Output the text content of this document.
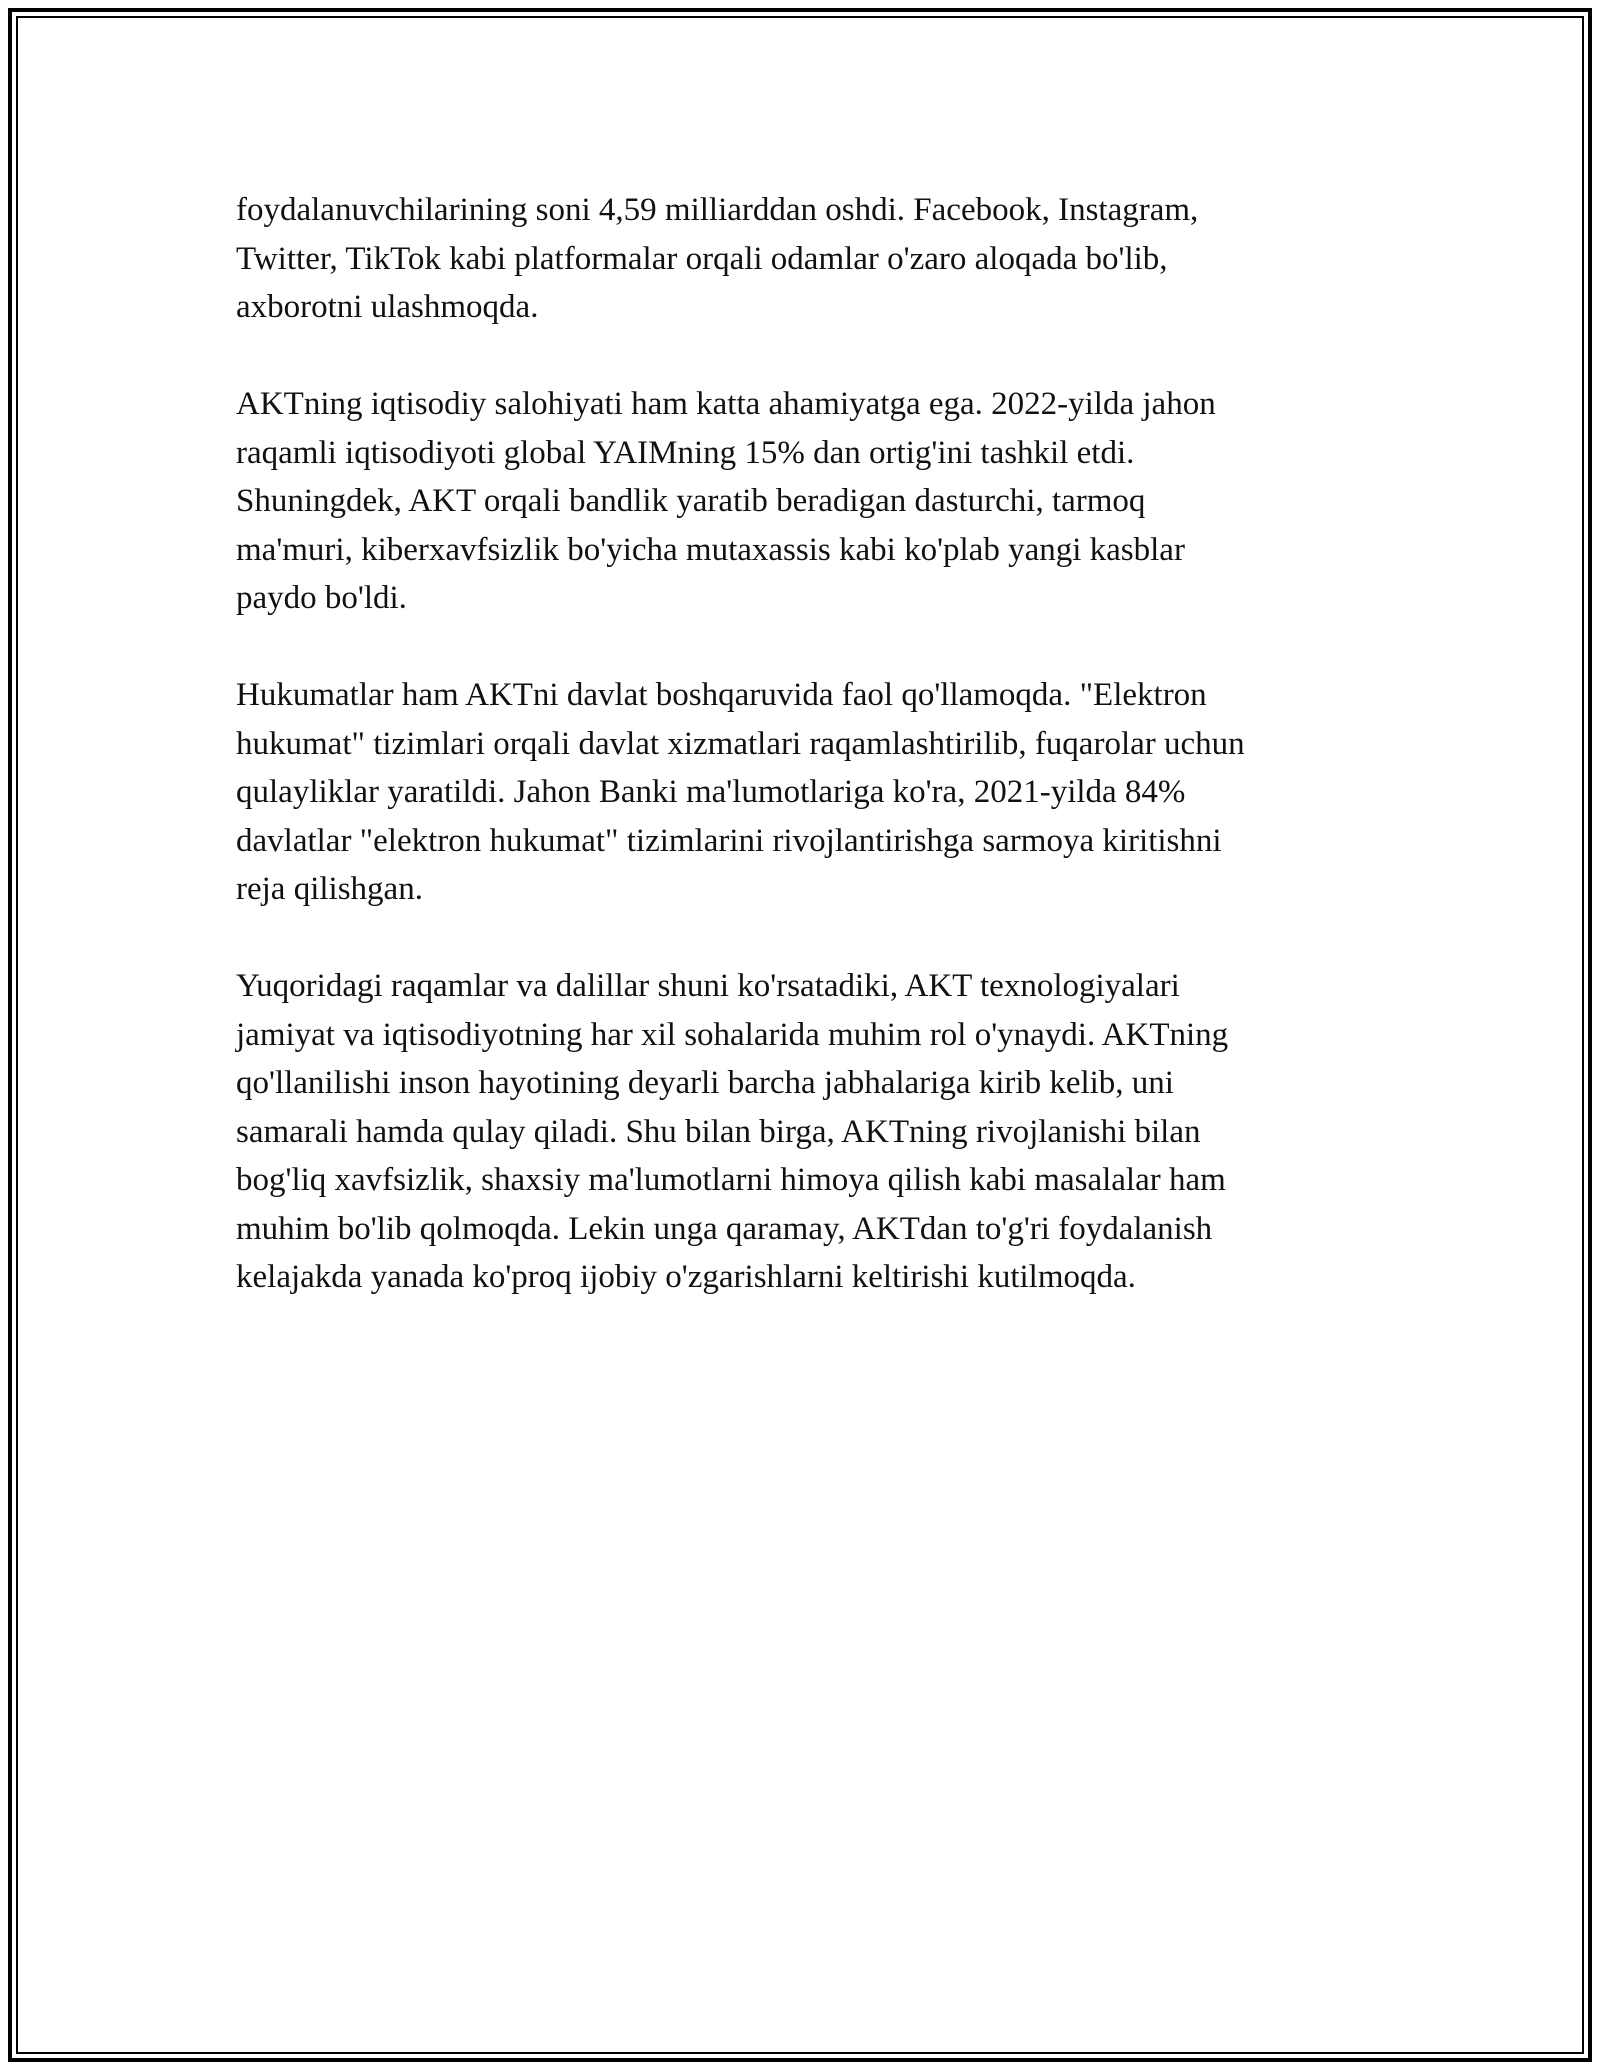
foydalanuvchilarining soni 4,59 milliarddan oshdi. Facebook, Instagram,
Twitter, TikTok kabi platformalar orqali odamlar o'zaro aloqada bo'lib,
axborotni ulashmoqda.

AKTning iqtisodiy salohiyati ham katta ahamiyatga ega. 2022-yilda jahon
raqamli iqtisodiyoti global YAIMning 15% dan ortig'ini tashkil etdi.
Shuningdek, AKT orqali bandlik yaratib beradigan dasturchi, tarmoq
ma'muri, kiberxavfsizlik bo'yicha mutaxassis kabi ko'plab yangi kasblar
paydo bo'ldi.

Hukumatlar ham AKTni davlat boshqaruvida faol qo'llamoqda. "Elektron
hukumat" tizimlari orqali davlat xizmatlari raqamlashtirilib, fuqarolar uchun
qulayliklar yaratildi. Jahon Banki ma'lumotlariga ko'ra, 2021-yilda 84%
davlatlar "elektron hukumat" tizimlarini rivojlantirishga sarmoya kiritishni
reja qilishgan.

Yuqoridagi raqamlar va dalillar shuni ko'rsatadiki, AKT texnologiyalari
jamiyat va iqtisodiyotning har xil sohalarida muhim rol o'ynaydi. AKTning
qo'llanilishi inson hayotining deyarli barcha jabhalariga kirib kelib, uni
samarali hamda qulay qiladi. Shu bilan birga, AKTning rivojlanishi bilan
bog'liq xavfsizlik, shaxsiy ma'lumotlarni himoya qilish kabi masalalar ham
muhim bo'lib qolmoqda. Lekin unga qaramay, AKTdan to'g'ri foydalanish
kelajakda yanada ko'proq ijobiy o'zgarishlarni keltirishi kutilmoqda.
